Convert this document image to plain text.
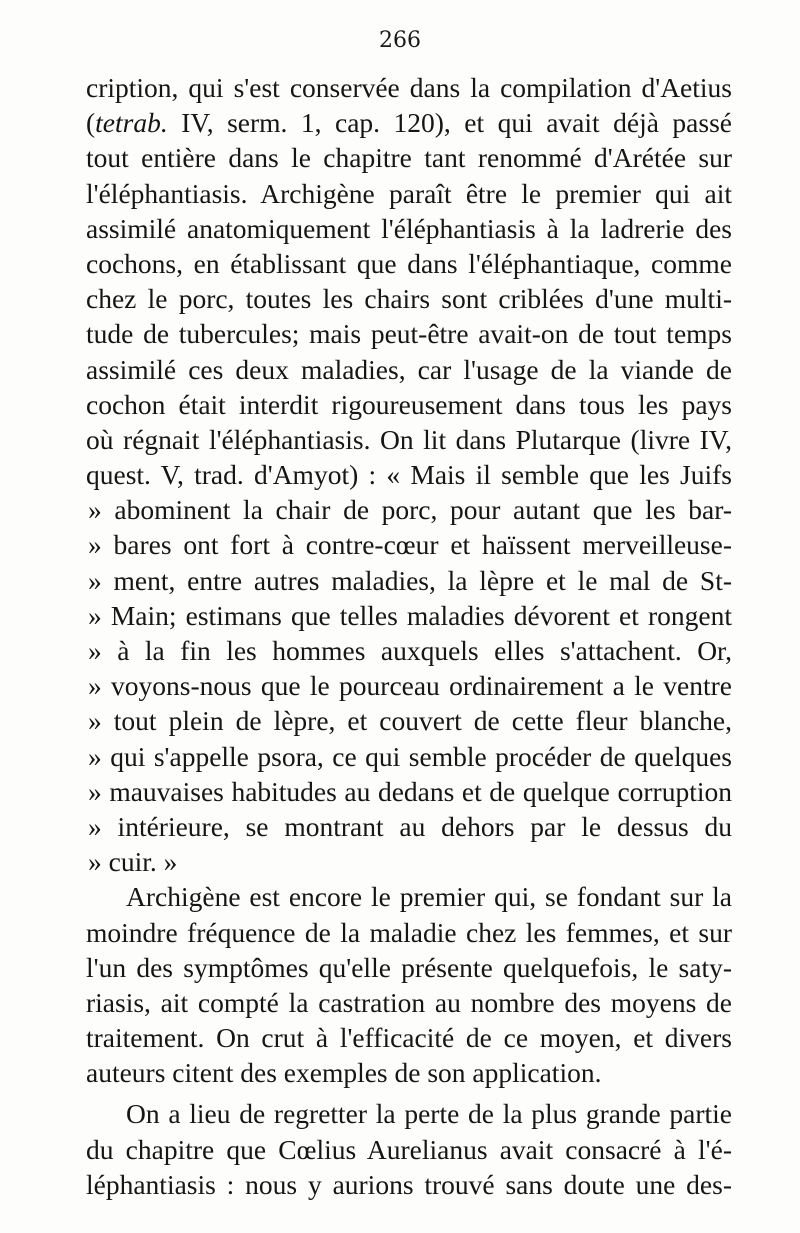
266
cription, qui s'est conservée dans la compilation d'Aetius
(tetrab. IV, serm. 1, cap. 120), et qui avait déjà passé
tout entière dans le chapitre tant renommé d'Arétée sur
l'éléphantiasis. Archigène paraît être le premier qui ait
assimilé anatomiquement l'éléphantiasis à la ladrerie des
cochons, en établissant que dans l'éléphantiaque, comme
chez le porc, toutes les chairs sont criblées d'une multi-
tude de tubercules; mais peut-être avait-on de tout temps
assimilé ces deux maladies, car l'usage de la viande de
cochon était interdit rigoureusement dans tous les pays
où régnait l'éléphantiasis. On lit dans Plutarque (livre IV,
quest. V, trad. d'Amyot) : « Mais il semble que les Juifs
» abominent la chair de porc, pour autant que les bar-
» bares ont fort à contre-cœur et haïssent merveilleuse-
» ment, entre autres maladies, la lèpre et le mal de St-
» Main; estimans que telles maladies dévorent et rongent
» à la fin les hommes auxquels elles s'attachent. Or,
» voyons-nous que le pourceau ordinairement a le ventre
» tout plein de lèpre, et couvert de cette fleur blanche,
» qui s'appelle psora, ce qui semble procéder de quelques
» mauvaises habitudes au dedans et de quelque corruption
» intérieure, se montrant au dehors par le dessus du
» cuir. »
Archigène est encore le premier qui, se fondant sur la
moindre fréquence de la maladie chez les femmes, et sur
l'un des symptômes qu'elle présente quelquefois, le saty-
riasis, ait compté la castration au nombre des moyens de
traitement. On crut à l'efficacité de ce moyen, et divers
auteurs citent des exemples de son application.
On a lieu de regretter la perte de la plus grande partie
du chapitre que Cœlius Aurelianus avait consacré à l'é-
léphantiasis : nous y aurions trouvé sans doute une des-
